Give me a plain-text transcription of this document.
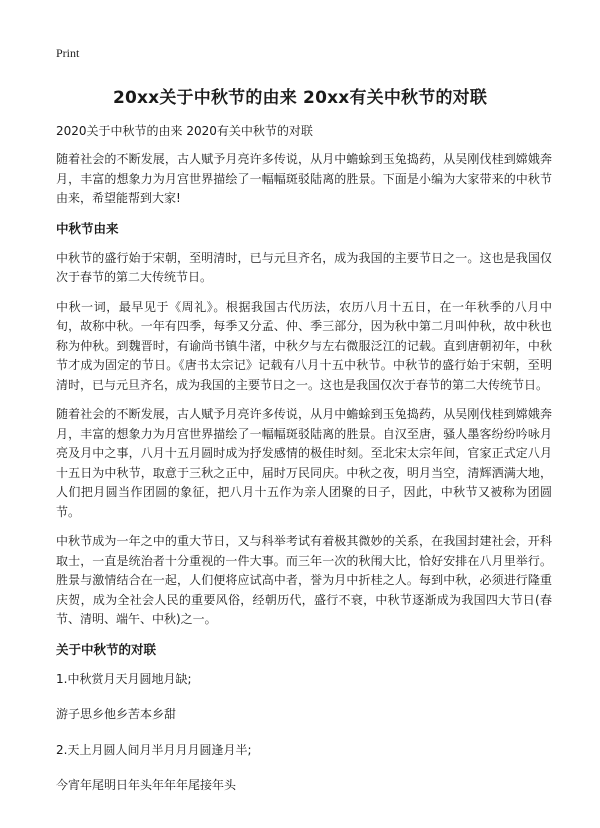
Print
20xx关于中秋节的由来 20xx有关中秋节的对联

2020关于中秋节的由来 2020有关中秋节的对联

随着社会的不断发展，古人赋予月亮许多传说，从月中蟾蜍到玉兔捣药，从吴刚伐桂到嫦娥奔月，丰富的想象力为月宫世界描绘了一幅幅斑驳陆离的胜景。下面是小编为大家带来的中秋节由来，希望能帮到大家!

中秋节由来

中秋节的盛行始于宋朝，至明清时，已与元旦齐名，成为我国的主要节日之一。这也是我国仅次于春节的第二大传统节日。

中秋一词，最早见于《周礼》。根据我国古代历法，农历八月十五日，在一年秋季的八月中旬，故称中秋。一年有四季，每季又分孟、仲、季三部分，因为秋中第二月叫仲秋，故中秋也称为仲秋。到魏晋时，有谕尚书镇牛渚，中秋夕与左右微服泛江的记载。直到唐朝初年，中秋节才成为固定的节日。《唐书太宗记》记载有八月十五中秋节。中秋节的盛行始于宋朝，至明清时，已与元旦齐名，成为我国的主要节日之一。这也是我国仅次于春节的第二大传统节日。

随着社会的不断发展，古人赋予月亮许多传说，从月中蟾蜍到玉兔捣药，从吴刚伐桂到嫦娥奔月，丰富的想象力为月宫世界描绘了一幅幅斑驳陆离的胜景。自汉至唐，骚人墨客纷纷吟咏月亮及月中之事，八月十五月圆时成为抒发感情的极佳时刻。至北宋太宗年间，官家正式定八月十五日为中秋节，取意于三秋之正中，届时万民同庆。中秋之夜，明月当空，清辉洒满大地，人们把月圆当作团圆的象征，把八月十五作为亲人团聚的日子，因此，中秋节又被称为团圆节。

中秋节成为一年之中的重大节日，又与科举考试有着极其微妙的关系，在我国封建社会，开科取士，一直是统治者十分重视的一件大事。而三年一次的秋闱大比，恰好安排在八月里举行。胜景与激情结合在一起，人们便将应试高中者，誉为月中折桂之人。每到中秋，必须进行隆重庆贺，成为全社会人民的重要风俗，经朝历代，盛行不衰，中秋节逐渐成为我国四大节日(春节、清明、端午、中秋)之一。

关于中秋节的对联

1.中秋赏月天月圆地月缺;

游子思乡他乡苦本乡甜

2.天上月圆人间月半月月月圆逢月半;

今宵年尾明日年头年年年尾接年头
